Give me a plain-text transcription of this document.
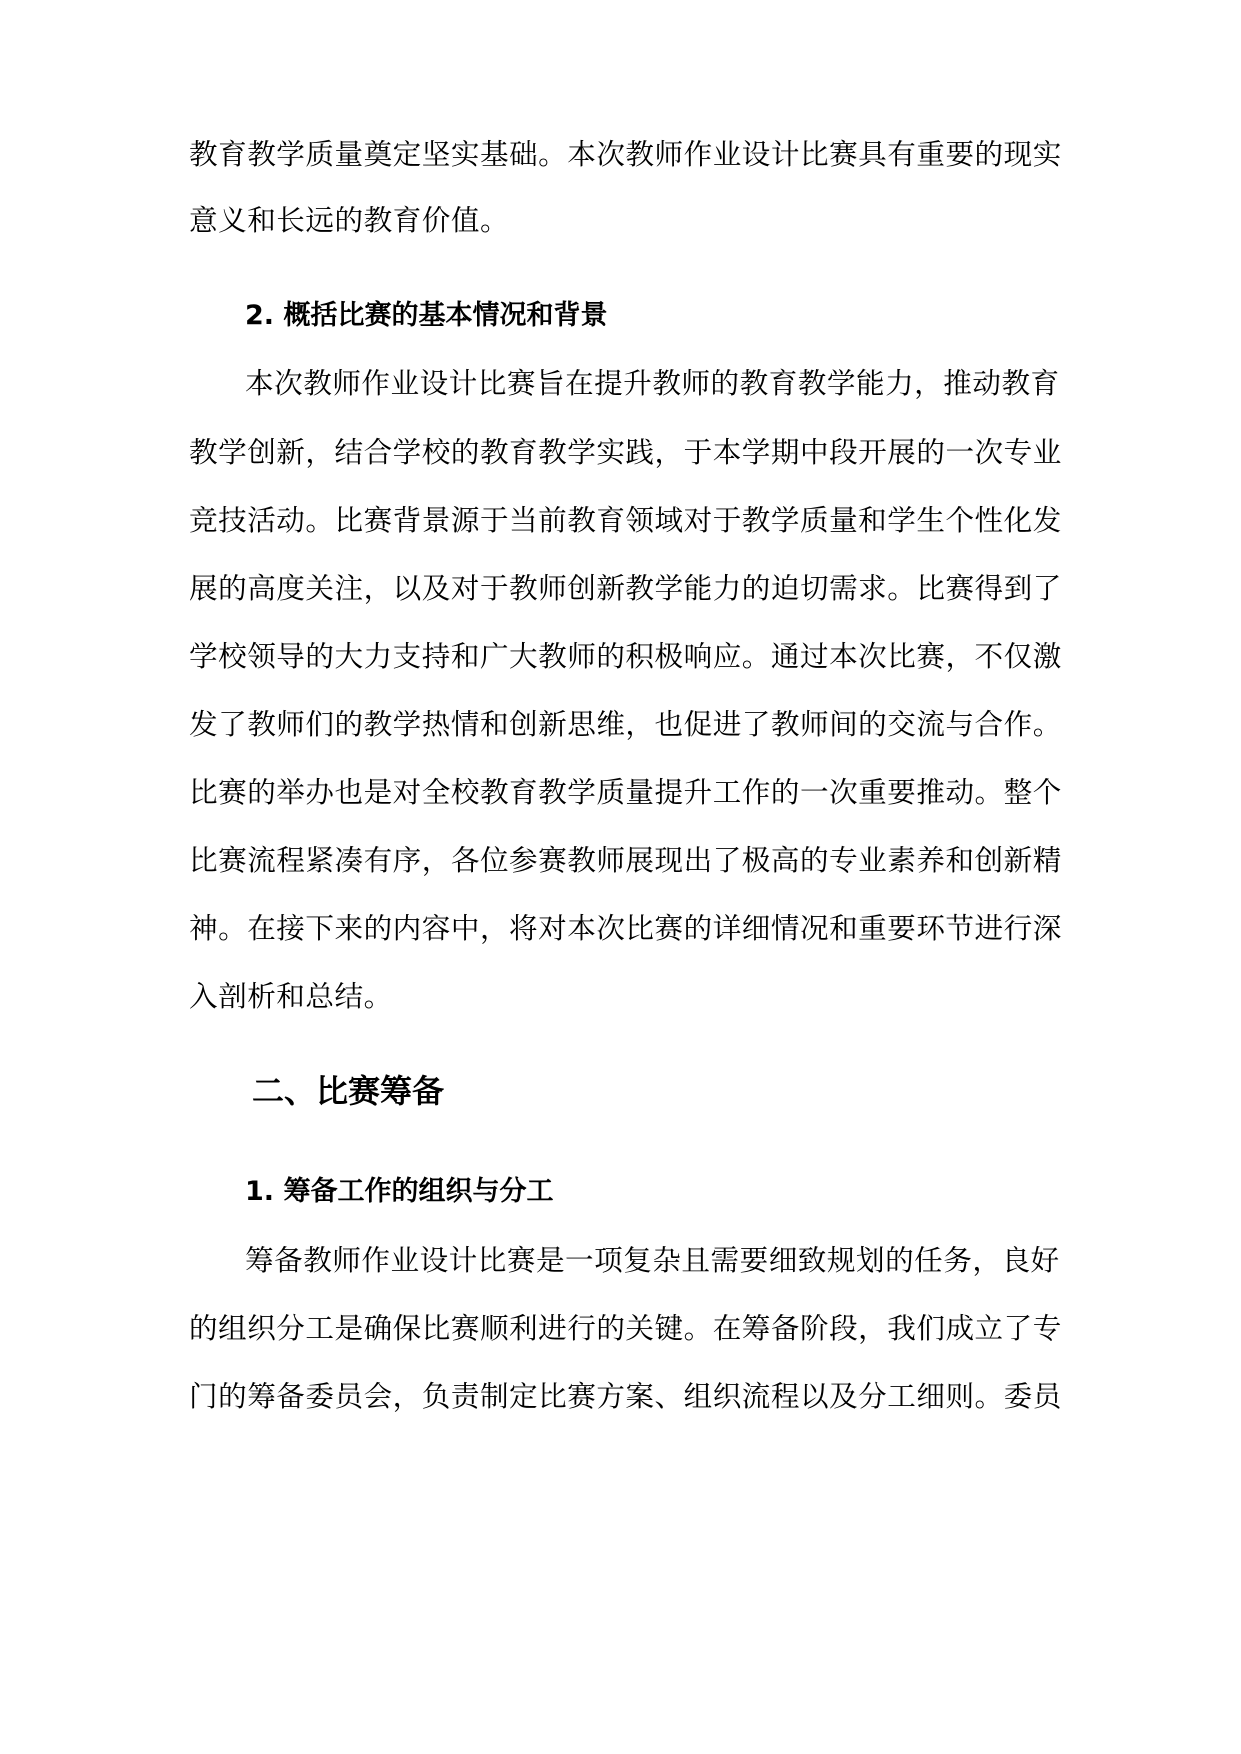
教育教学质量奠定坚实基础。本次教师作业设计比赛具有重要的现实
意义和长远的教育价值。
2. 概括比赛的基本情况和背景
本次教师作业设计比赛旨在提升教师的教育教学能力，推动教育
教学创新，结合学校的教育教学实践，于本学期中段开展的一次专业
竞技活动。比赛背景源于当前教育领域对于教学质量和学生个性化发
展的高度关注，以及对于教师创新教学能力的迫切需求。比赛得到了
学校领导的大力支持和广大教师的积极响应。通过本次比赛，不仅激
发了教师们的教学热情和创新思维，也促进了教师间的交流与合作。
比赛的举办也是对全校教育教学质量提升工作的一次重要推动。整个
比赛流程紧凑有序，各位参赛教师展现出了极高的专业素养和创新精
神。在接下来的内容中，将对本次比赛的详细情况和重要环节进行深
入剖析和总结。
二、比赛筹备
1. 筹备工作的组织与分工
筹备教师作业设计比赛是一项复杂且需要细致规划的任务，良好
的组织分工是确保比赛顺利进行的关键。在筹备阶段，我们成立了专
门的筹备委员会，负责制定比赛方案、组织流程以及分工细则。委员
